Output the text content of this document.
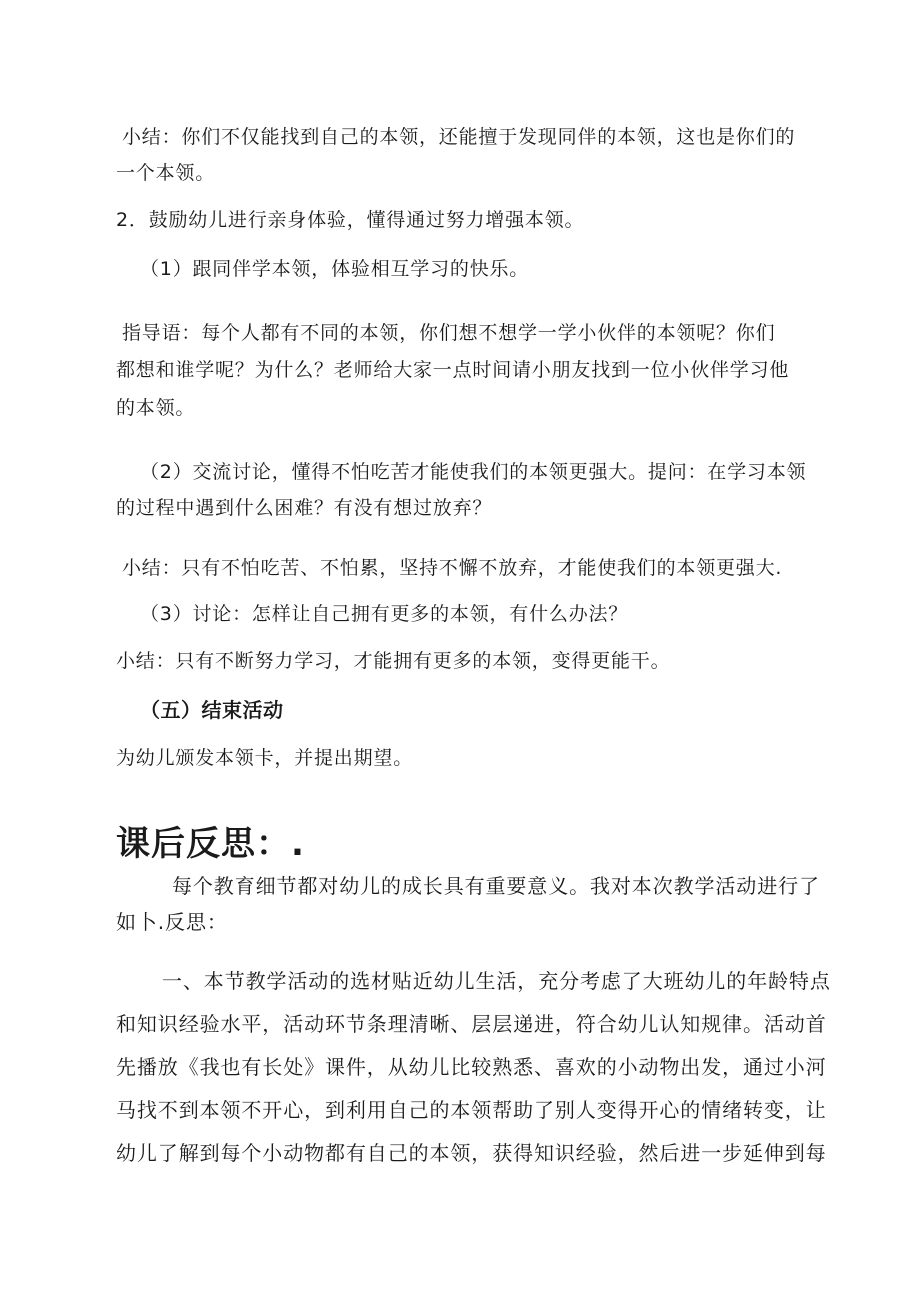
小结：你们不仅能找到自己的本领，还能擅于发现同伴的本领，这也是你们的

一个本领。

2．鼓励幼儿进行亲身体验，懂得通过努力增强本领。

（1）跟同伴学本领，体验相互学习的快乐。

指导语：每个人都有不同的本领，你们想不想学一学小伙伴的本领呢？你们

都想和谁学呢？为什么？老师给大家一点时间请小朋友找到一位小伙伴学习他

的本领。

（2）交流讨论，懂得不怕吃苦才能使我们的本领更强大。提问：在学习本领

的过程中遇到什么困难？有没有想过放弃？

小结：只有不怕吃苦、不怕累，坚持不懈不放弃，才能使我们的本领更强大.

（3）讨论：怎样让自己拥有更多的本领，有什么办法？

小结：只有不断努力学习，才能拥有更多的本领，变得更能干。

（五）结束活动

为幼儿颁发本领卡，并提出期望。

课后反思：.

每个教育细节都对幼儿的成长具有重要意义。我对本次教学活动进行了

如卜.反思：

一、本节教学活动的选材贴近幼儿生活，充分考虑了大班幼儿的年龄特点

和知识经验水平，活动环节条理清晰、层层递进，符合幼儿认知规律。活动首

先播放《我也有长处》课件，从幼儿比较熟悉、喜欢的小动物出发，通过小河

马找不到本领不开心，到利用自己的本领帮助了别人变得开心的情绪转变，让

幼儿了解到每个小动物都有自己的本领，获得知识经验，然后进一步延伸到每
